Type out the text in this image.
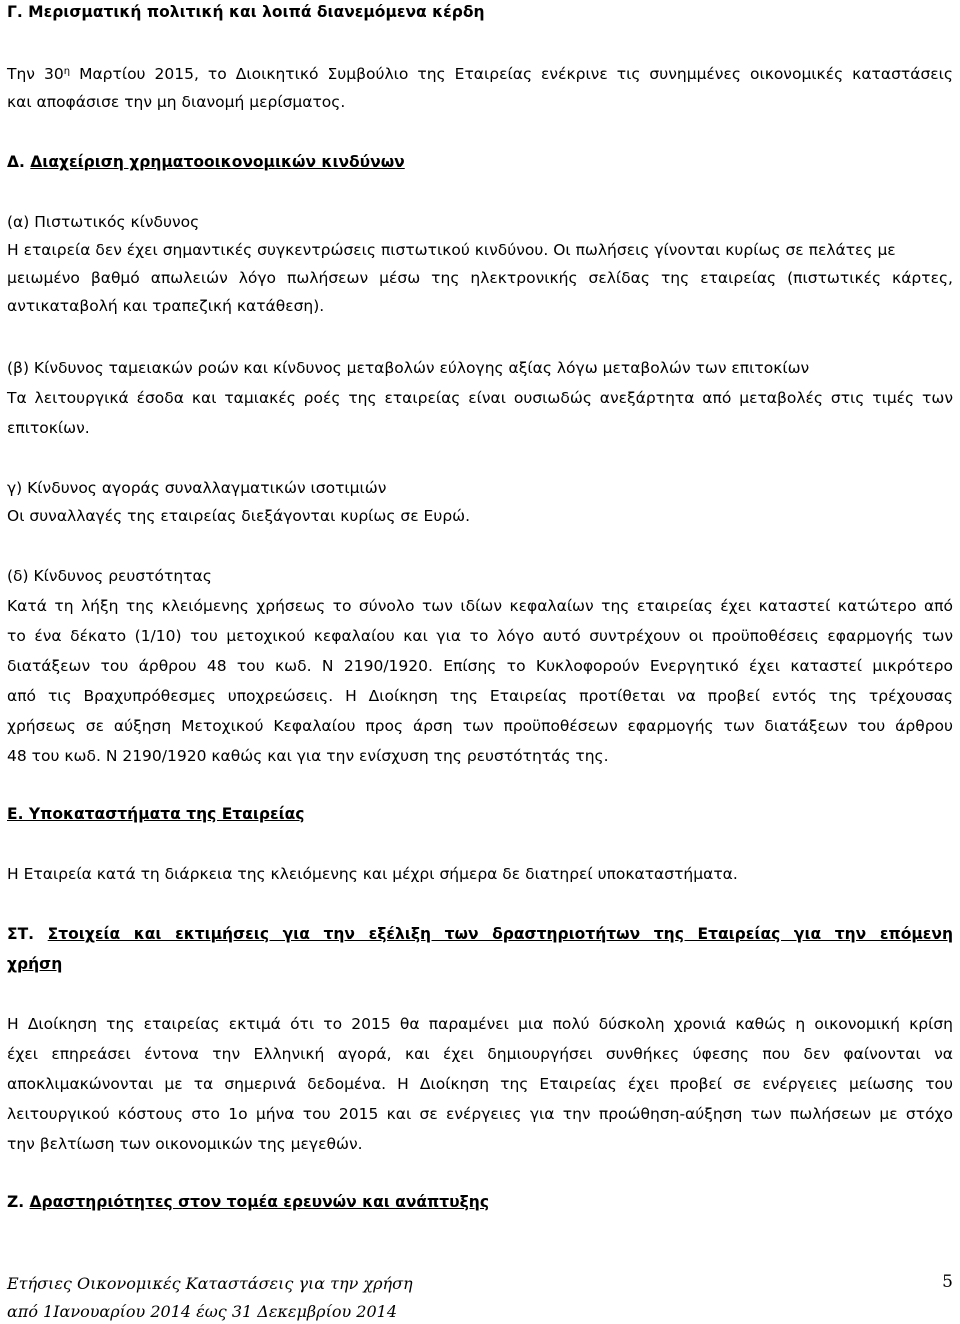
Γ. Μερισματική πολιτική και λοιπά διανεμόμενα κέρδη
Την $30^\eta$ Μαρτίου 2015, το Διοικητικό Συμβούλιο της Εταιρείας ενέκρινε τις συνημμένες οικονομικές καταστάσεις
και αποφάσισε την μη διανομή μερίσματος.
Δ. Διαχείριση χρηματοοικονομικών κινδύνων
(α) Πιστωτικός κίνδυνος
Η εταιρεία δεν έχει σημαντικές συγκεντρώσεις πιστωτικού κινδύνου. Οι πωλήσεις γίνονται κυρίως σε πελάτες με
μειωμένο βαθμό απωλειών λόγο πωλήσεων μέσω της ηλεκτρονικής σελίδας της εταιρείας (πιστωτικές κάρτες,
αντικαταβολή και τραπεζική κατάθεση).
(β) Κίνδυνος ταμειακών ροών και κίνδυνος μεταβολών εύλογης αξίας λόγω μεταβολών των επιτοκίων
Τα λειτουργικά έσοδα και ταμιακές ροές της εταιρείας είναι ουσιωδώς ανεξάρτητα από μεταβολές στις τιμές των
επιτοκίων.
γ) Κίνδυνος αγοράς συναλλαγματικών ισοτιμιών
Οι συναλλαγές της εταιρείας διεξάγονται κυρίως σε Ευρώ.
(δ) Κίνδυνος ρευστότητας
Κατά τη λήξη της κλειόμενης χρήσεως το σύνολο των ιδίων κεφαλαίων της εταιρείας έχει καταστεί κατώτερο από
το ένα δέκατο (1/10) του μετοχικού κεφαλαίου και για το λόγο αυτό συντρέχουν οι προϋποθέσεις εφαρμογής των
διατάξεων του άρθρου 48 του κωδ. Ν 2190/1920. Επίσης το Κυκλοφορούν Ενεργητικό έχει καταστεί μικρότερο
από τις Βραχυπρόθεσμες υποχρεώσεις. Η Διοίκηση της Εταιρείας προτίθεται να προβεί εντός της τρέχουσας
χρήσεως σε αύξηση Μετοχικού Κεφαλαίου προς άρση των προϋποθέσεων εφαρμογής των διατάξεων του άρθρου
48 του κωδ. Ν 2190/1920 καθώς και για την ενίσχυση της ρευστότητάς της.
Ε. Υποκαταστήματα της Εταιρείας
Η Εταιρεία κατά τη διάρκεια της κλειόμενης και μέχρι σήμερα δε διατηρεί υποκαταστήματα.
ΣΤ. Στοιχεία και εκτιμήσεις για την εξέλιξη των δραστηριοτήτων της Εταιρείας για την επόμενη
χρήση
Η Διοίκηση της εταιρείας εκτιμά ότι το 2015 θα παραμένει μια πολύ δύσκολη χρονιά καθώς η οικονομική κρίση
έχει επηρεάσει έντονα την Ελληνική αγορά, και έχει δημιουργήσει συνθήκες ύφεσης που δεν φαίνονται να
αποκλιμακώνονται με τα σημερινά δεδομένα. Η Διοίκηση της Εταιρείας έχει προβεί σε ενέργειες μείωσης του
λειτουργικού κόστους στο 1ο μήνα του 2015 και σε ενέργειες για την προώθηση-αύξηση των πωλήσεων με στόχο
την βελτίωση των οικονομικών της μεγεθών.
Ζ. Δραστηριότητες στον τομέα ερευνών και ανάπτυξης
Ετήσιες Οικονομικές Καταστάσεις για την χρήση
από 1Ιανουαρίου 2014 έως 31 Δεκεμβρίου 2014
5
